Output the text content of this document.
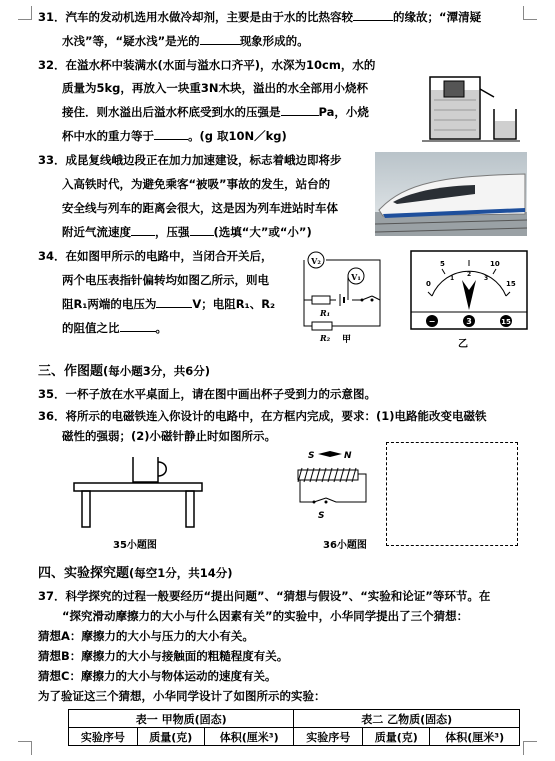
31．汽车的发动机选用水做冷却剂，主要是由于水的比热容较	的缘故；“潭清疑
水浅”等，“疑水浅”是光的	现象形成的。
32．在溢水杯中装满水(水面与溢水口齐平)，水深为10cm，水的
质量为5kg，再放入一块重3N木块，溢出的水全部用小烧杯
接住．则水溢出后溢水杯底受到水的压强是	Pa，小烧
杯中水的重力等于	。(g 取10N／kg)
33．成昆复线峨边段正在加力加速建设，标志着峨边即将步
入高铁时代，为避免乘客“被吸”事故的发生，站台的
安全线与列车的距离会很大，这是因为列车进站时车体
附近气流速度 ，压强 (选填“大”或“小”)
34．在如图甲所示的电路中，当闭合开关后，
两个电压表指针偏转均如图乙所示，则电
阻R₁两端的电压为	V；电阻R₁、R₂
的阻值之比	。
V₂
V₁
R₁
R₂ 甲
0
5	10
15
1
2
3
V
−	3	15
乙
三、作图题(每小题3分，共6分)
35．一杯子放在水平桌面上，请在图中画出杯子受到力的示意图。
36．将所示的电磁铁连入你设计的电路中，在方框内完成，要求：(1)电路能改变电磁铁
磁性的强弱；(2)小磁针静止时如图所示。
35小题图
S	N
S
36小题图
四、实验探究题(每空1分，共14分)
37．科学探究的过程一般要经历“提出问题”、“猜想与假设”、“实验和论证”等环节。在
“探究滑动摩擦力的大小与什么因素有关”的实验中，小华同学提出了三个猜想：
猜想A：摩擦力的大小与压力的大小有关。
猜想B：摩擦力的大小与接触面的粗糙程度有关。
猜想C：摩擦力的大小与物体运动的速度有关。
为了验证这三个猜想，小华同学设计了如图所示的实验：
表一 甲物质(固态)			表二 乙物质(固态)		
实验序号	质量(克)	体积(厘米³)	实验序号	质量(克)	体积(厘米³)
